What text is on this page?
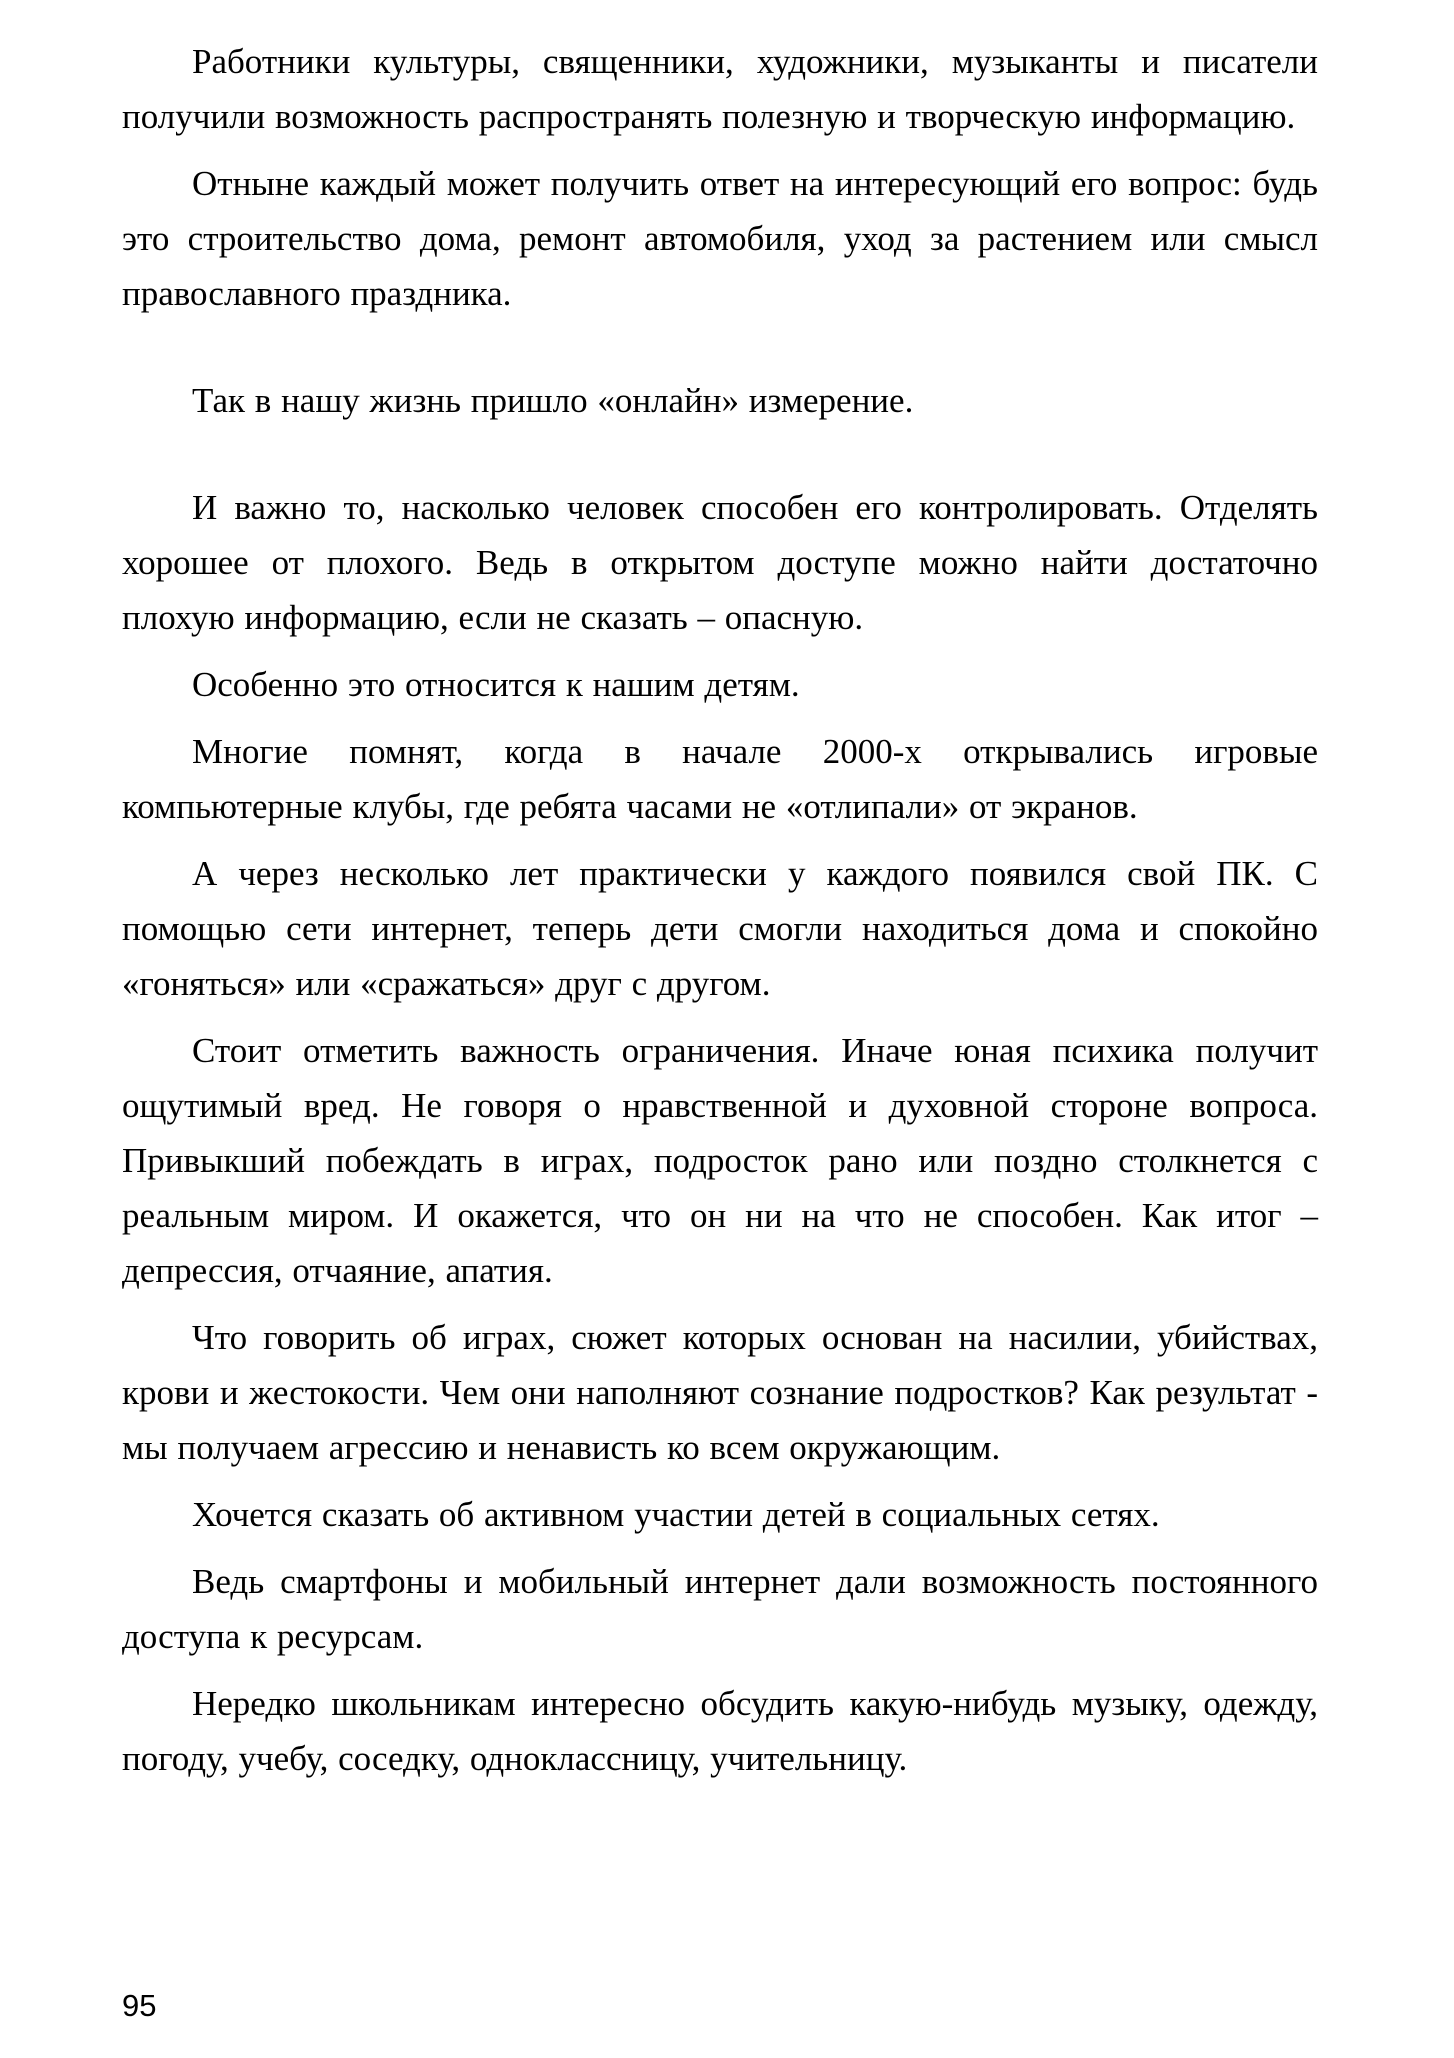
Работники культуры, священники, художники, музыканты и писатели получили возможность распространять полезную и творческую информацию.

Отныне каждый может получить ответ на интересующий его вопрос: будь это строительство дома, ремонт автомобиля, уход за растением или смысл православного праздника.

Так в нашу жизнь пришло «онлайн» измерение.

И важно то, насколько человек способен его контролировать. Отделять хорошее от плохого. Ведь в открытом доступе можно найти достаточно плохую информацию, если не сказать – опасную.

Особенно это относится к нашим детям.

Многие помнят, когда в начале 2000-х открывались игровые компьютерные клубы, где ребята часами не «отлипали» от экранов.

А через несколько лет практически у каждого появился свой ПК. С помощью сети интернет, теперь дети смогли находиться дома и спокойно «гоняться» или «сражаться» друг с другом.

Стоит отметить важность ограничения. Иначе юная психика получит ощутимый вред. Не говоря о нравственной и духовной стороне вопроса. Привыкший побеждать в играх, подросток рано или поздно столкнется с реальным миром. И окажется, что он ни на что не способен. Как итог – депрессия, отчаяние, апатия.

Что говорить об играх, сюжет которых основан на насилии, убийствах, крови и жестокости. Чем они наполняют сознание подростков? Как результат - мы получаем агрессию и ненависть ко всем окружающим.

Хочется сказать об активном участии детей в социальных сетях.

Ведь смартфоны и мобильный интернет дали возможность постоянного доступа к ресурсам.

Нередко школьникам интересно обсудить какую-нибудь музыку, одежду, погоду, учебу, соседку, одноклассницу, учительницу.

95
